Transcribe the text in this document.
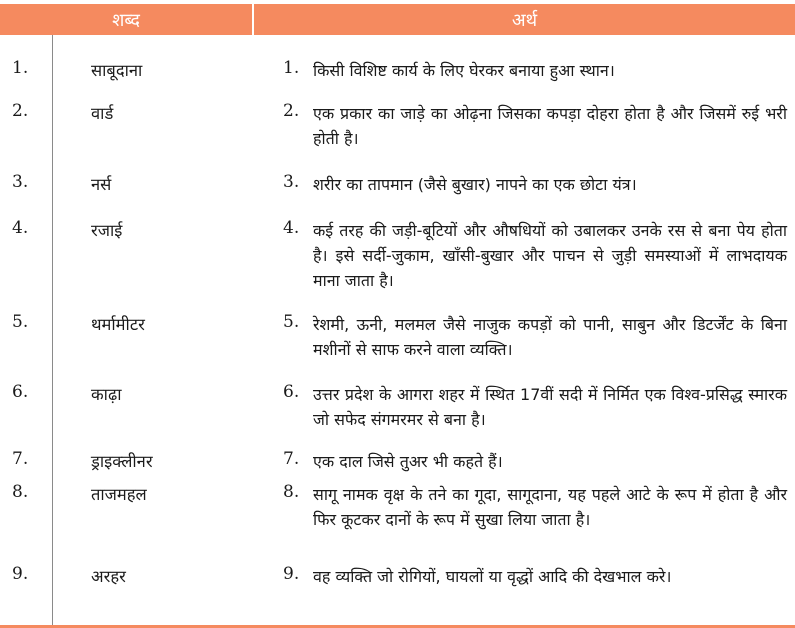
शब्द	अर्थ
1.	साबूदाना	1. किसी विशिष्ट कार्य के लिए घेरकर बनाया हुआ स्थान।
2.	वार्ड	2. एक प्रकार का जाड़े का ओढ़ना जिसका कपड़ा दोहरा होता है और जिसमें रुई भरी होती है।
3.	नर्स	3. शरीर का तापमान (जैसे बुखार) नापने का एक छोटा यंत्र।
4.	रजाई	4. कई तरह की जड़ी-बूटियों और औषधियों को उबालकर उनके रस से बना पेय होता है। इसे सर्दी-जुकाम, खाँसी-बुखार और पाचन से जुड़ी समस्याओं में लाभदायक माना जाता है।
5.	थर्मामीटर	5. रेशमी, ऊनी, मलमल जैसे नाजुक कपड़ों को पानी, साबुन और डिटर्जेंट के बिना मशीनों से साफ करने वाला व्यक्ति।
6.	काढ़ा	6. उत्तर प्रदेश के आगरा शहर में स्थित 17वीं सदी में निर्मित एक विश्व-प्रसिद्ध स्मारक जो सफेद संगमरमर से बना है।
7.	ड्राइक्लीनर	7. एक दाल जिसे तुअर भी कहते हैं।
8.	ताजमहल	8. सागू नामक वृक्ष के तने का गूदा, सागूदाना, यह पहले आटे के रूप में होता है और फिर कूटकर दानों के रूप में सुखा लिया जाता है।
9.	अरहर	9. वह व्यक्ति जो रोगियों, घायलों या वृद्धों आदि की देखभाल करे।
